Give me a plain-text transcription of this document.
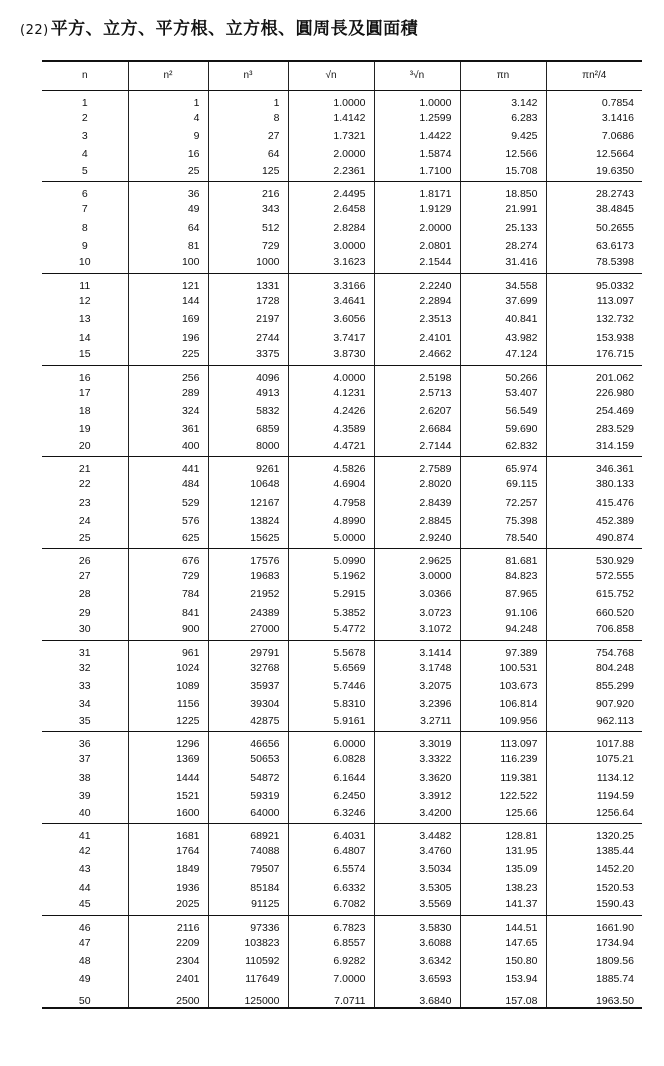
(22) 平方、立方、平方根、立方根、圓周長及圓面積
n	n²	n³	√n	³√n	πn	πn²/4
1	1	1	1.0000	1.0000	3.142	0.7854
2	4	8	1.4142	1.2599	6.283	3.1416
3	9	27	1.7321	1.4422	9.425	7.0686
4	16	64	2.0000	1.5874	12.566	12.5664
5	25	125	2.2361	1.7100	15.708	19.6350
6	36	216	2.4495	1.8171	18.850	28.2743
7	49	343	2.6458	1.9129	21.991	38.4845
8	64	512	2.8284	2.0000	25.133	50.2655
9	81	729	3.0000	2.0801	28.274	63.6173
10	100	1000	3.1623	2.1544	31.416	78.5398
11	121	1331	3.3166	2.2240	34.558	95.0332
12	144	1728	3.4641	2.2894	37.699	113.097
13	169	2197	3.6056	2.3513	40.841	132.732
14	196	2744	3.7417	2.4101	43.982	153.938
15	225	3375	3.8730	2.4662	47.124	176.715
16	256	4096	4.0000	2.5198	50.266	201.062
17	289	4913	4.1231	2.5713	53.407	226.980
18	324	5832	4.2426	2.6207	56.549	254.469
19	361	6859	4.3589	2.6684	59.690	283.529
20	400	8000	4.4721	2.7144	62.832	314.159
21	441	9261	4.5826	2.7589	65.974	346.361
22	484	10648	4.6904	2.8020	69.115	380.133
23	529	12167	4.7958	2.8439	72.257	415.476
24	576	13824	4.8990	2.8845	75.398	452.389
25	625	15625	5.0000	2.9240	78.540	490.874
26	676	17576	5.0990	2.9625	81.681	530.929
27	729	19683	5.1962	3.0000	84.823	572.555
28	784	21952	5.2915	3.0366	87.965	615.752
29	841	24389	5.3852	3.0723	91.106	660.520
30	900	27000	5.4772	3.1072	94.248	706.858
31	961	29791	5.5678	3.1414	97.389	754.768
32	1024	32768	5.6569	3.1748	100.531	804.248
33	1089	35937	5.7446	3.2075	103.673	855.299
34	1156	39304	5.8310	3.2396	106.814	907.920
35	1225	42875	5.9161	3.2711	109.956	962.113
36	1296	46656	6.0000	3.3019	113.097	1017.88
37	1369	50653	6.0828	3.3322	116.239	1075.21
38	1444	54872	6.1644	3.3620	119.381	1134.12
39	1521	59319	6.2450	3.3912	122.522	1194.59
40	1600	64000	6.3246	3.4200	125.66	1256.64
41	1681	68921	6.4031	3.4482	128.81	1320.25
42	1764	74088	6.4807	3.4760	131.95	1385.44
43	1849	79507	6.5574	3.5034	135.09	1452.20
44	1936	85184	6.6332	3.5305	138.23	1520.53
45	2025	91125	6.7082	3.5569	141.37	1590.43
46	2116	97336	6.7823	3.5830	144.51	1661.90
47	2209	103823	6.8557	3.6088	147.65	1734.94
48	2304	110592	6.9282	3.6342	150.80	1809.56
49	2401	117649	7.0000	3.6593	153.94	1885.74
50	2500	125000	7.0711	3.6840	157.08	1963.50
